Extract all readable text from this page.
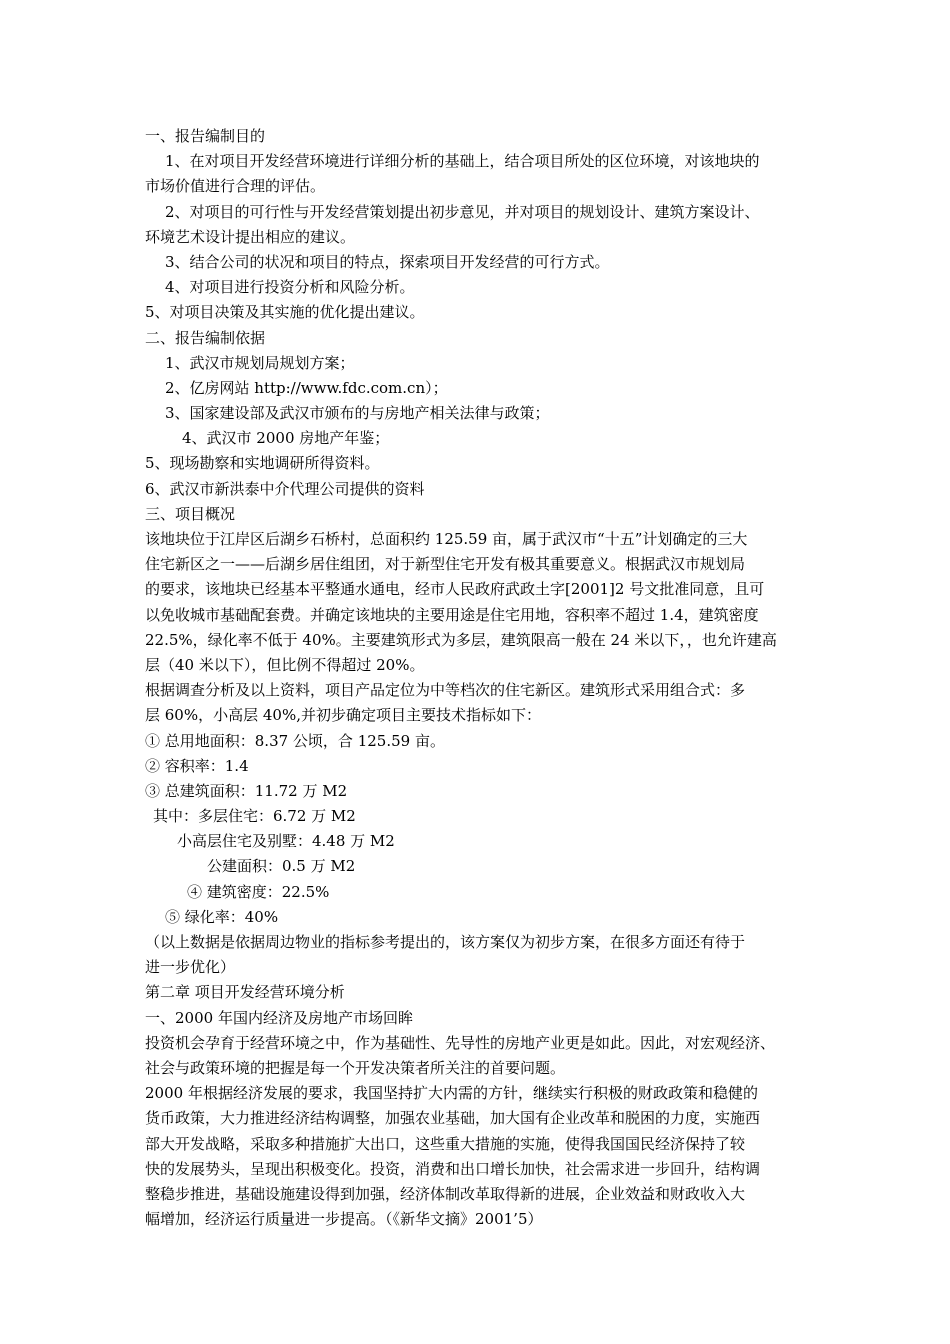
一、报告编制目的
1、在对项目开发经营环境进行详细分析的基础上，结合项目所处的区位环境，对该地块的
市场价值进行合理的评估。
2、对项目的可行性与开发经营策划提出初步意见，并对项目的规划设计、建筑方案设计、
环境艺术设计提出相应的建议。
3、结合公司的状况和项目的特点，探索项目开发经营的可行方式。
4、对项目进行投资分析和风险分析。
5、对项目决策及其实施的优化提出建议。
二、报告编制依据
1、武汉市规划局规划方案；
2、亿房网站 http://www.fdc.com.cn）；
3、国家建设部及武汉市颁布的与房地产相关法律与政策；
4、武汉市 2000 房地产年鉴；
5、现场勘察和实地调研所得资料。
6、武汉市新洪泰中介代理公司提供的资料
三、项目概况
该地块位于江岸区后湖乡石桥村，总面积约 125.59 亩，属于武汉市“十五”计划确定的三大
住宅新区之一——后湖乡居住组团，对于新型住宅开发有极其重要意义。根据武汉市规划局
的要求，该地块已经基本平整通水通电，经市人民政府武政土字[2001]2 号文批准同意，且可
以免收城市基础配套费。并确定该地块的主要用途是住宅用地，容积率不超过 1.4，建筑密度
22.5%，绿化率不低于 40%。主要建筑形式为多层，建筑限高一般在 24 米以下，，也允许建高
层（40 米以下），但比例不得超过 20%。
根据调查分析及以上资料，项目产品定位为中等档次的住宅新区。建筑形式采用组合式：多
层 60%，小高层 40%,并初步确定项目主要技术指标如下：
① 总用地面积：8.37 公顷，合 125.59 亩。
② 容积率：1.4
③ 总建筑面积：11.72 万 M2
其中：多层住宅：6.72 万 M2
小高层住宅及别墅：4.48 万 M2
公建面积：0.5 万 M2
④ 建筑密度：22.5%
⑤ 绿化率：40%
（以上数据是依据周边物业的指标参考提出的，该方案仅为初步方案，在很多方面还有待于
进一步优化）
第二章 项目开发经营环境分析
一、2000 年国内经济及房地产市场回眸
投资机会孕育于经营环境之中，作为基础性、先导性的房地产业更是如此。因此，对宏观经济、
社会与政策环境的把握是每一个开发决策者所关注的首要问题。
2000 年根据经济发展的要求，我国坚持扩大内需的方针，继续实行积极的财政政策和稳健的
货币政策，大力推进经济结构调整，加强农业基础，加大国有企业改革和脱困的力度，实施西
部大开发战略，采取多种措施扩大出口，这些重大措施的实施，使得我国国民经济保持了较
快的发展势头，呈现出积极变化。投资，消费和出口增长加快，社会需求进一步回升，结构调
整稳步推进，基础设施建设得到加强，经济体制改革取得新的进展，企业效益和财政收入大
幅增加，经济运行质量进一步提高。（《新华文摘》2001’5）
